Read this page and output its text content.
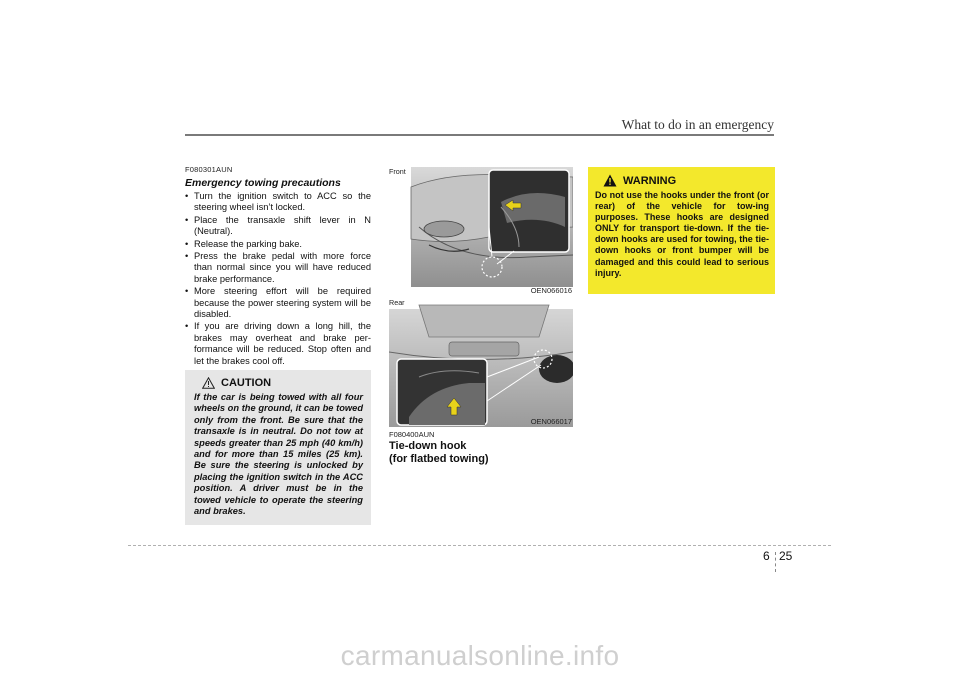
What to do in an emergency
F080301AUN
Emergency towing precautions
• Turn the ignition switch to ACC so the steering wheel isn’t locked.
• Place the transaxle shift lever in N (Neutral).
• Release the parking bake.
• Press the brake pedal with more force than normal since you will have reduced brake performance.
• More steering effort will be required because the power steering system will be disabled.
• If you are driving down a long hill, the brakes may overheat and brake per-formance will be reduced. Stop often and let the brakes cool off.
CAUTION
If the car is being towed with all four wheels on the ground, it can be towed only from the front. Be sure that the transaxle is in neutral. Do not tow at speeds greater than 25 mph (40 km/h) and for more than 15 miles (25 km). Be sure the steering is unlocked by placing the ignition switch in the ACC position. A driver must be in the towed vehicle to operate the steering and brakes.
Front
OEN066016
Rear
OEN066017
F080400AUN
Tie-down hook
(for flatbed towing)
WARNING
Do not use the hooks under the front (or rear) of the vehicle for tow-ing purposes. These hooks are designed ONLY for transport tie-down. If the tie-down hooks are used for towing, the tie-down hooks or front bumper will be damaged and this could lead to serious injury.
6 25
carmanualsonline.info
